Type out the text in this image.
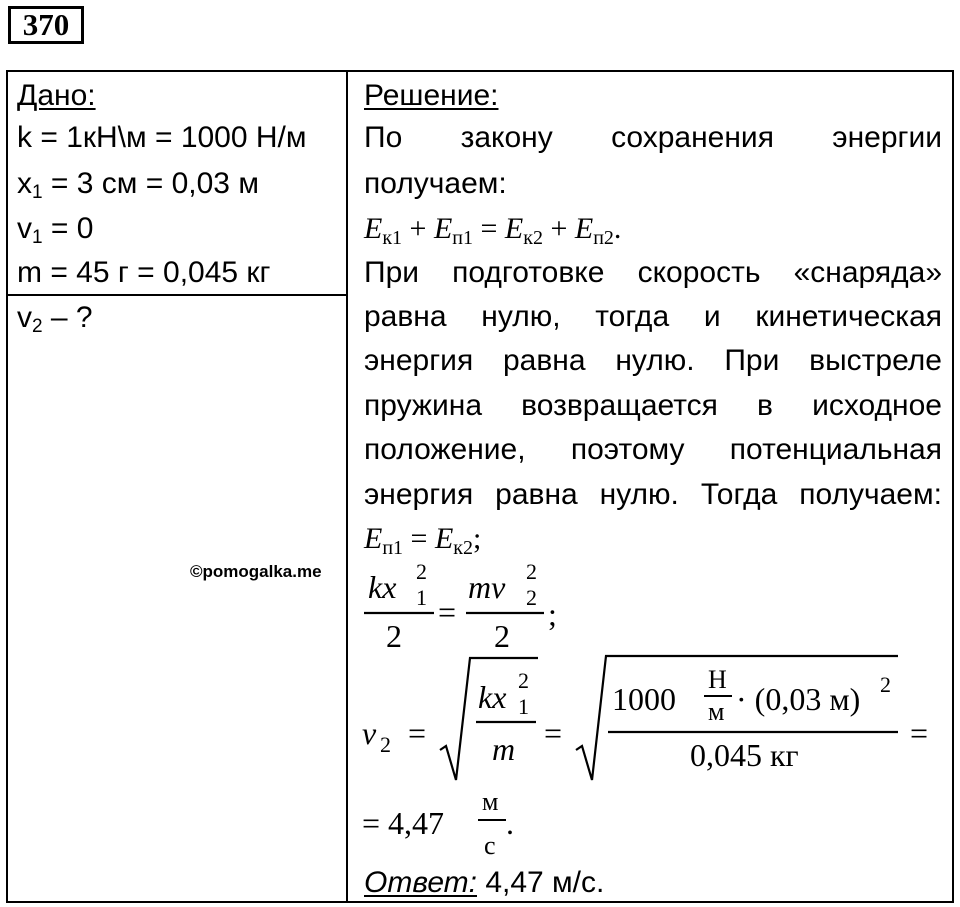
370
Дано:
k = 1кН\м = 1000 Н/м
$x_1 = 3$ см = 0,03 м
$v_1 = 0$
m = 45 г = 0,045 кг
$v_2$ – ?
©pomogalka.me
Решение:
По закону сохранения энергии
получаем:
$E_{к1} + E_{п1} = E_{к2} + E_{п2}$.
При подготовке скорость «снаряда»
равна нулю, тогда и кинетическая
энергия равна нулю. При выстреле
пружина возвращается в исходное
положение, поэтому потенциальная
энергия равна нулю. Тогда получаем:
$E_{п1} = E_{к2}$;
kx 2
1
2
=
mv 2
2
2
;
v 2 =
kx 2
1
m =
1000
Н
м · (0,03 м) 2
0,045 кг
=
= 4,47
м
с
.
Ответ: 4,47 м/с.
